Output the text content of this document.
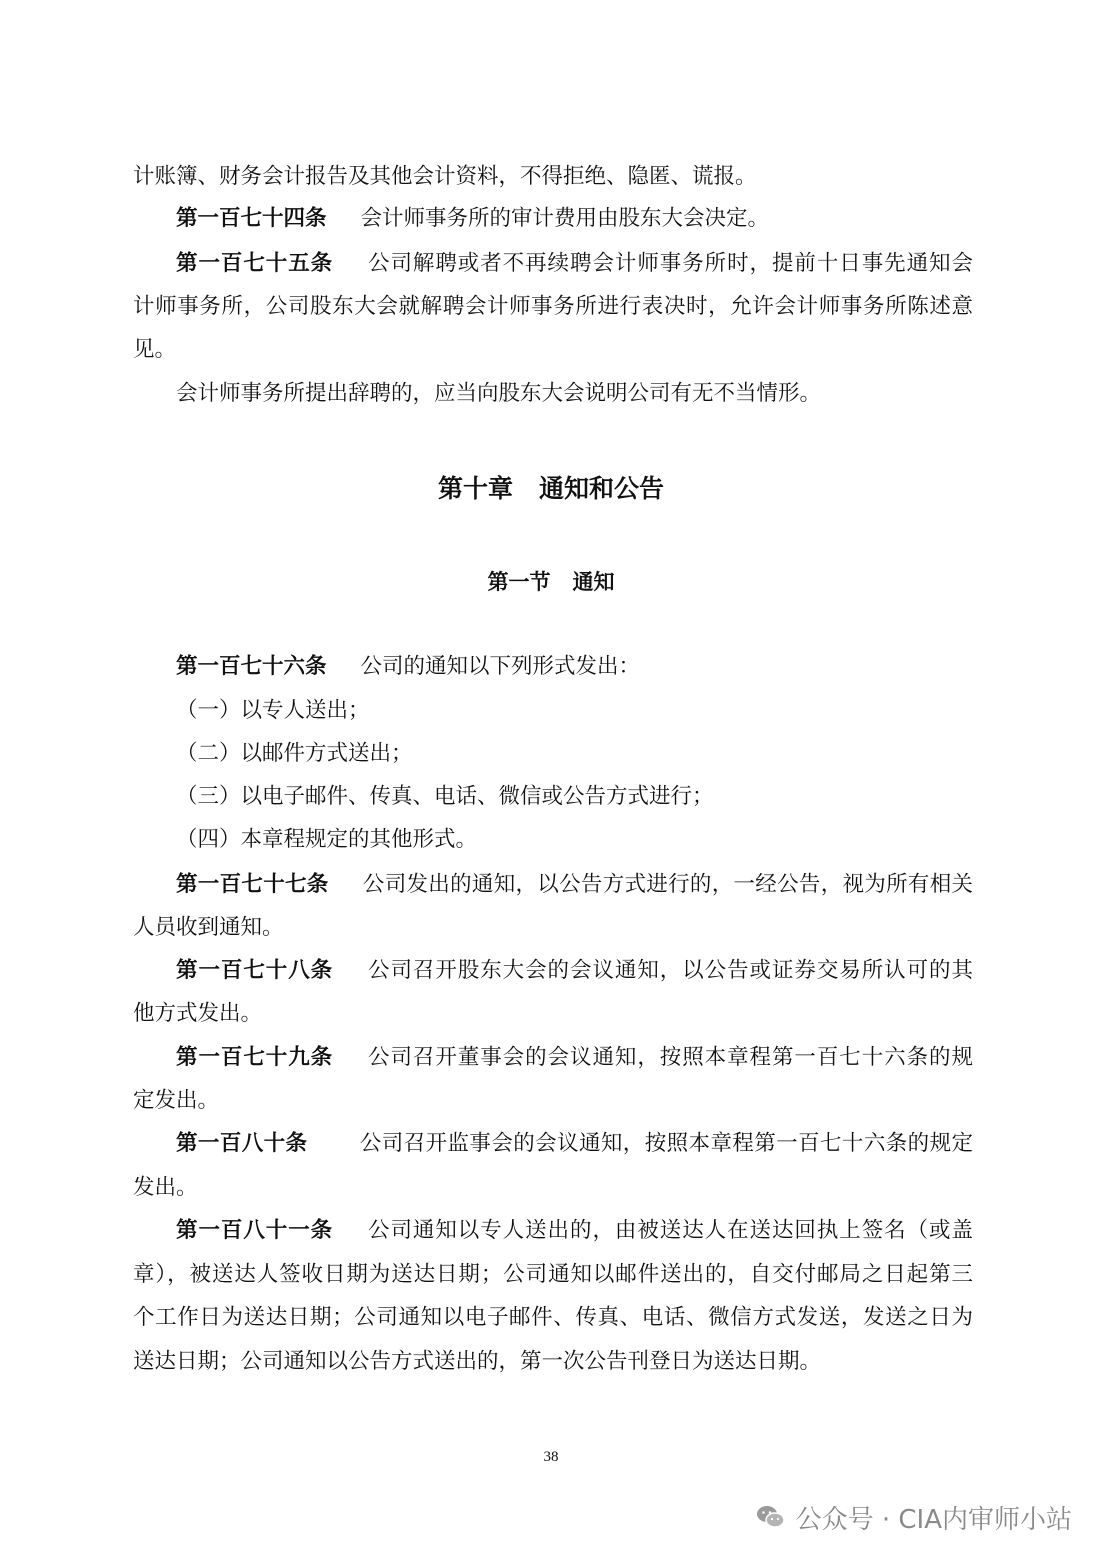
计账簿、财务会计报告及其他会计资料，不得拒绝、隐匿、谎报。
第一百七十四条 会计师事务所的审计费用由股东大会决定。
第一百七十五条 公司解聘或者不再续聘会计师事务所时，提前十日事先通知会
计师事务所，公司股东大会就解聘会计师事务所进行表决时，允许会计师事务所陈述意
见。
会计师事务所提出辞聘的，应当向股东大会说明公司有无不当情形。
第十章 通知和公告
第一节 通知
第一百七十六条 公司的通知以下列形式发出：
（一）以专人送出；
（二）以邮件方式送出；
（三）以电子邮件、传真、电话、微信或公告方式进行；
（四）本章程规定的其他形式。
第一百七十七条 公司发出的通知，以公告方式进行的，一经公告，视为所有相关
人员收到通知。
第一百七十八条 公司召开股东大会的会议通知，以公告或证券交易所认可的其
他方式发出。
第一百七十九条 公司召开董事会的会议通知，按照本章程第一百七十六条的规
定发出。
第一百八十条 公司召开监事会的会议通知，按照本章程第一百七十六条的规定
发出。
第一百八十一条 公司通知以专人送出的，由被送达人在送达回执上签名（或盖
章），被送达人签收日期为送达日期；公司通知以邮件送出的，自交付邮局之日起第三
个工作日为送达日期；公司通知以电子邮件、传真、电话、微信方式发送，发送之日为
送达日期；公司通知以公告方式送出的，第一次公告刊登日为送达日期。
38
公众号 · CIA内审师小站
